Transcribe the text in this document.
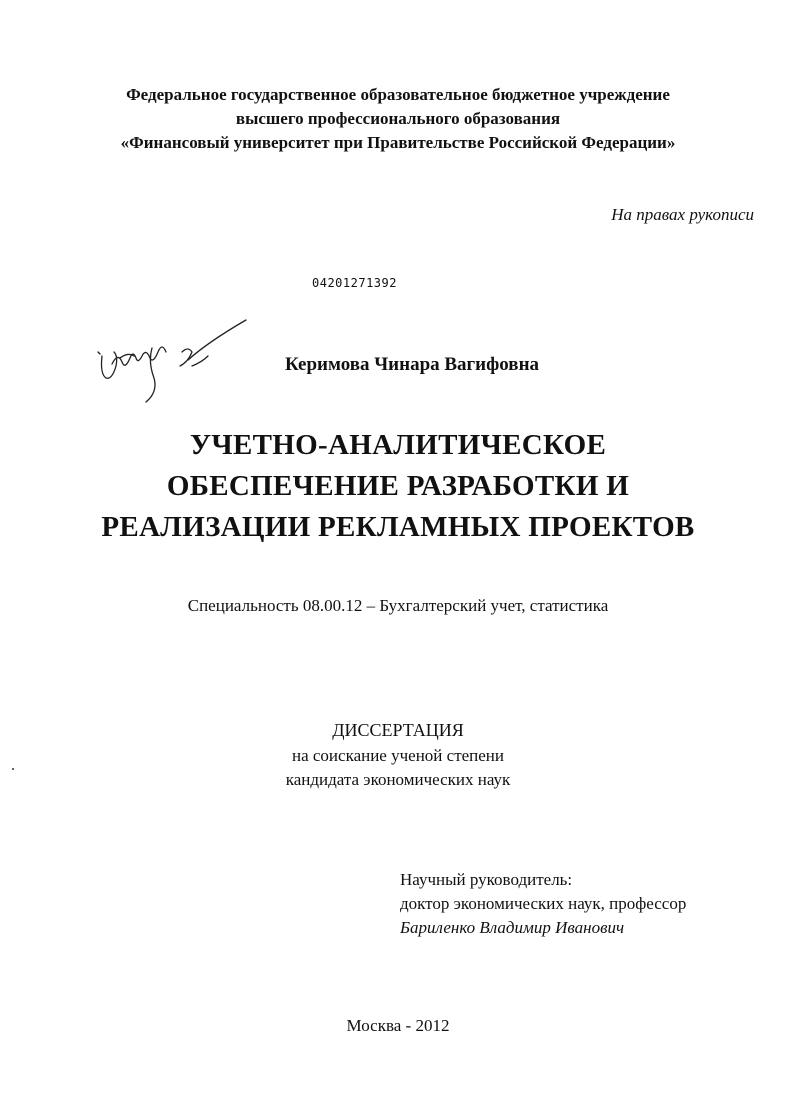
Федеральное государственное образовательное бюджетное учреждение
высшего профессионального образования
«Финансовый университет при Правительстве Российской Федерации»
На правах рукописи
04201271392
Керимова Чинара Вагифовна
УЧЕТНО-АНАЛИТИЧЕСКОЕ
ОБЕСПЕЧЕНИЕ РАЗРАБОТКИ И
РЕАЛИЗАЦИИ РЕКЛАМНЫХ ПРОЕКТОВ
Специальность 08.00.12 – Бухгалтерский учет, статистика
ДИССЕРТАЦИЯ
на соискание ученой степени
кандидата экономических наук
Научный руководитель:
доктор экономических наук, профессор
Бариленко Владимир Иванович
Москва - 2012
